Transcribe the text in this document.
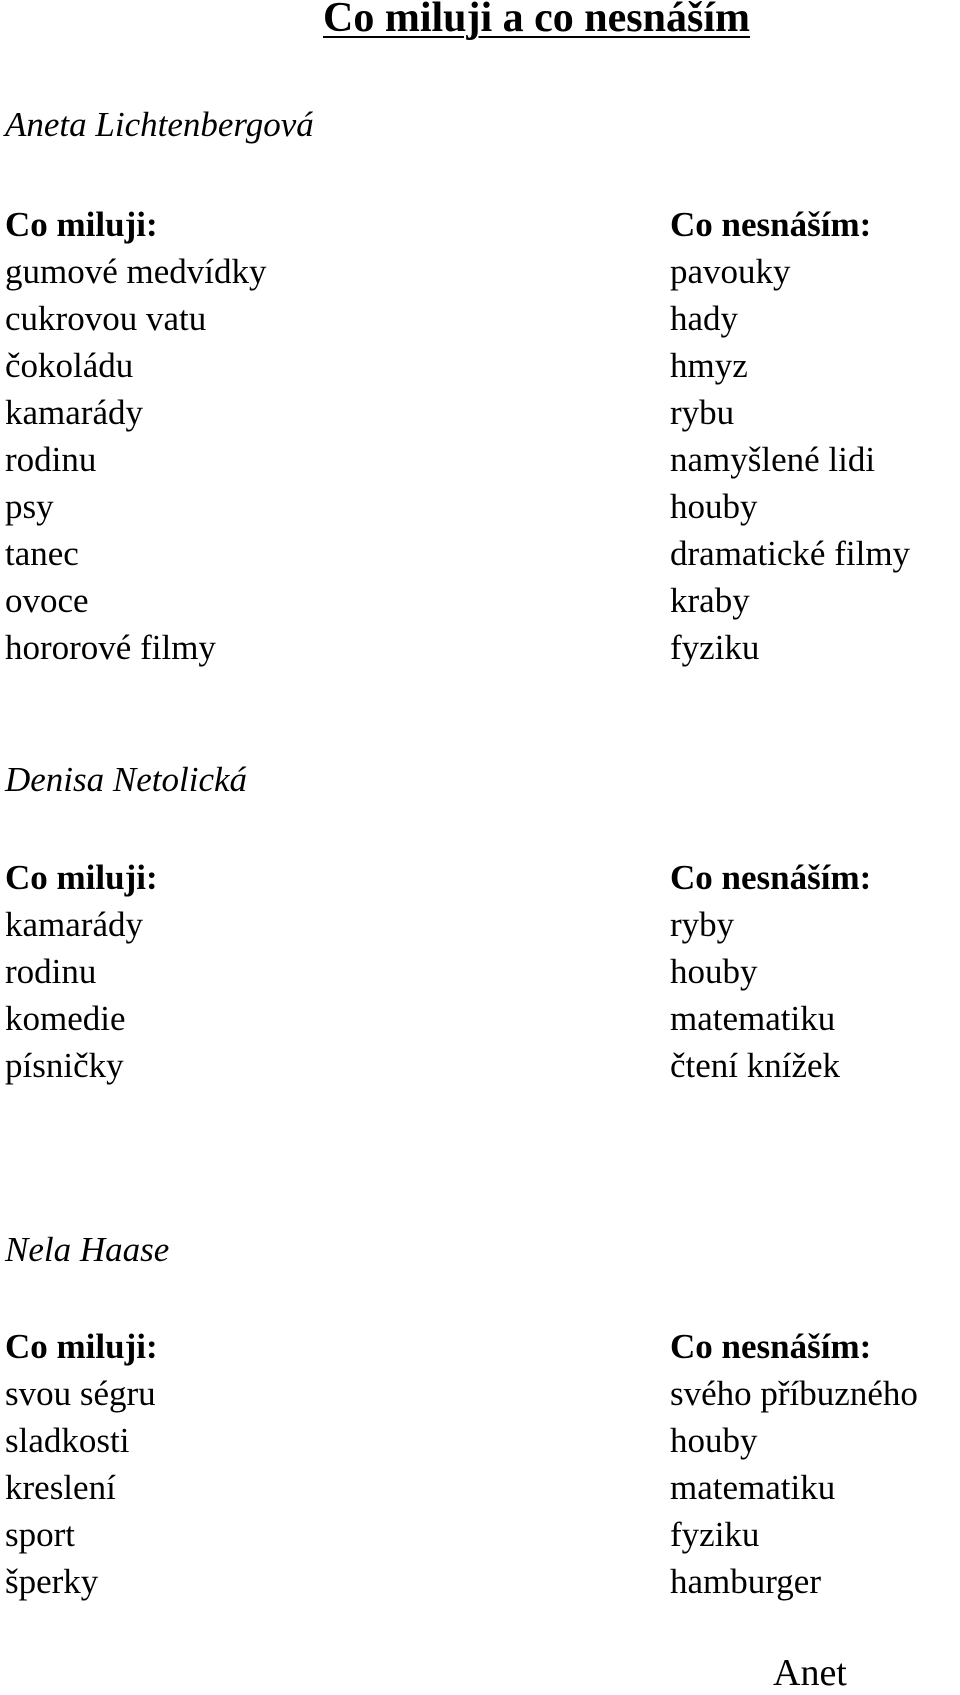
Co miluji a co nesnáším

Aneta Lichtenbergová

Co miluji:

gumové medvídky
cukrovou vatu
čokoládu
kamarády
rodinu
psy
tanec
ovoce
hororové filmy

Co nesnáším:

pavouky
hady
hmyz
rybu
namyšlené lidi
houby
dramatické filmy
kraby
fyziku

Denisa Netolická

Co miluji:

kamarády
rodinu
komedie
písničky

Co nesnáším:

ryby
houby
matematiku
čtení knížek

Nela Haase

Co miluji:

svou ségru
sladkosti
kreslení
sport
šperky

Co nesnáším:

svého příbuzného
houby
matematiku
fyziku
hamburger

Anet
